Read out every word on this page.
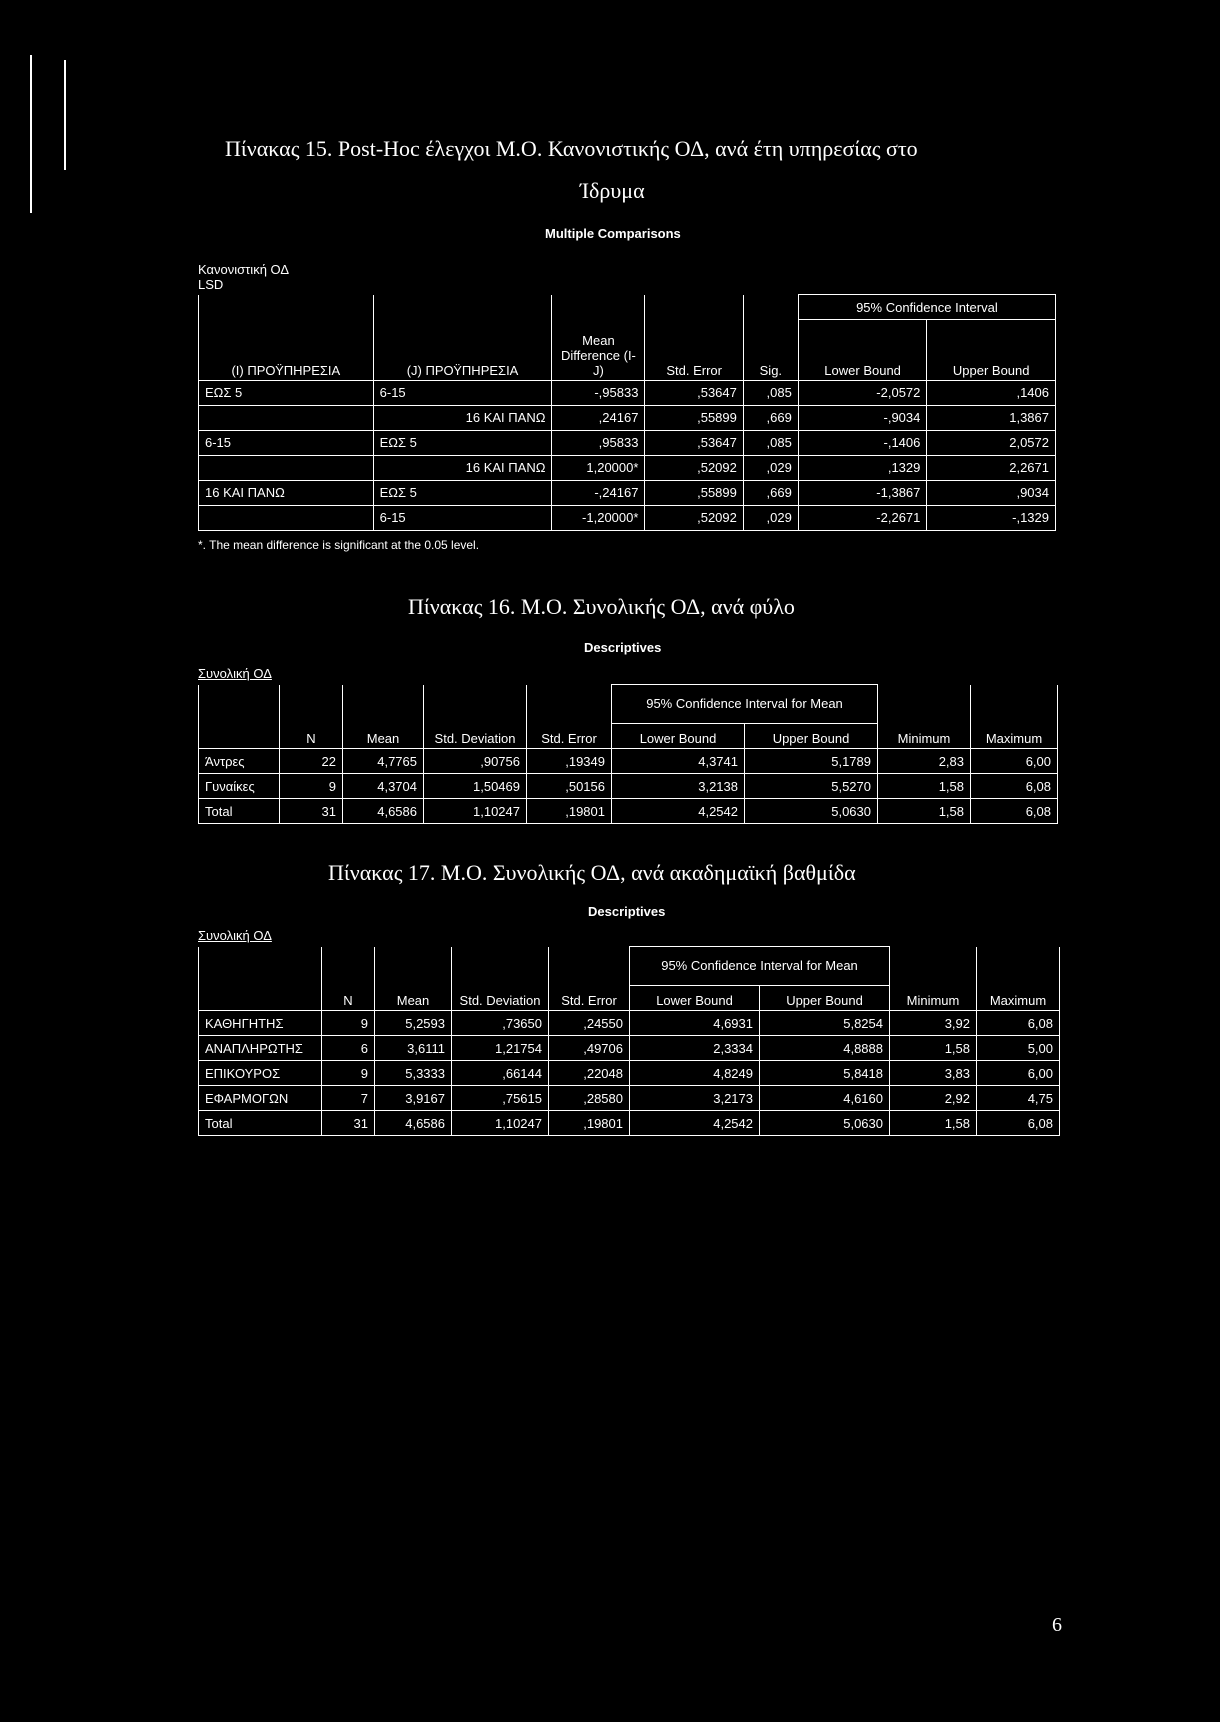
Πίνακας 15. Post-Hoc έλεγχοι Μ.Ο. Κανονιστικής ΟΔ, ανά έτη υπηρεσίας στο
Ίδρυμα
Multiple Comparisons
Κανονιστική ΟΔ
LSD
					95% Confidence Interval	

(I) ΠΡΟΫΠΗΡΕΣΙΑ	(J) ΠΡΟΫΠΗΡΕΣΙΑ	Mean Difference (I-J)	Std. Error	Sig.	Lower Bound	Upper Bound
ΕΩΣ 5	6-15	-,95833	,53647	,085	-2,0572	,1406
	16 ΚΑΙ ΠΑΝΩ	,24167	,55899	,669	-,9034	1,3867
6-15	ΕΩΣ 5	,95833	,53647	,085	-,1406	2,0572
	16 ΚΑΙ ΠΑΝΩ	1,20000*	,52092	,029	,1329	2,2671
16 ΚΑΙ ΠΑΝΩ	ΕΩΣ 5	-,24167	,55899	,669	-1,3867	,9034
	6-15	-1,20000*	,52092	,029	-2,2671	-,1329
*. The mean difference is significant at the 0.05 level.
Πίνακας 16. Μ.Ο. Συνολικής ΟΔ, ανά φύλο
Descriptives
Συνολική ΟΔ
					95% Confidence Interval for Mean			
	N	Mean	Std. Deviation	Std. Error	Lower Bound	Upper Bound	Minimum	Maximum
Άντρες	22	4,7765	,90756	,19349	4,3741	5,1789	2,83	6,00
Γυναίκες	9	4,3704	1,50469	,50156	3,2138	5,5270	1,58	6,08
Total	31	4,6586	1,10247	,19801	4,2542	5,0630	1,58	6,08
Πίνακας 17. Μ.Ο. Συνολικής ΟΔ, ανά ακαδημαϊκή βαθμίδα
Descriptives
Συνολική ΟΔ
					95% Confidence Interval for Mean			
	N	Mean	Std. Deviation	Std. Error	Lower Bound	Upper Bound	Minimum	Maximum
ΚΑΘΗΓΗΤΗΣ	9	5,2593	,73650	,24550	4,6931	5,8254	3,92	6,08
ΑΝΑΠΛΗΡΩΤΗΣ	6	3,6111	1,21754	,49706	2,3334	4,8888	1,58	5,00
ΕΠΙΚΟΥΡΟΣ	9	5,3333	,66144	,22048	4,8249	5,8418	3,83	6,00
ΕΦΑΡΜΟΓΩΝ	7	3,9167	,75615	,28580	3,2173	4,6160	2,92	4,75
Total	31	4,6586	1,10247	,19801	4,2542	5,0630	1,58	6,08
6
